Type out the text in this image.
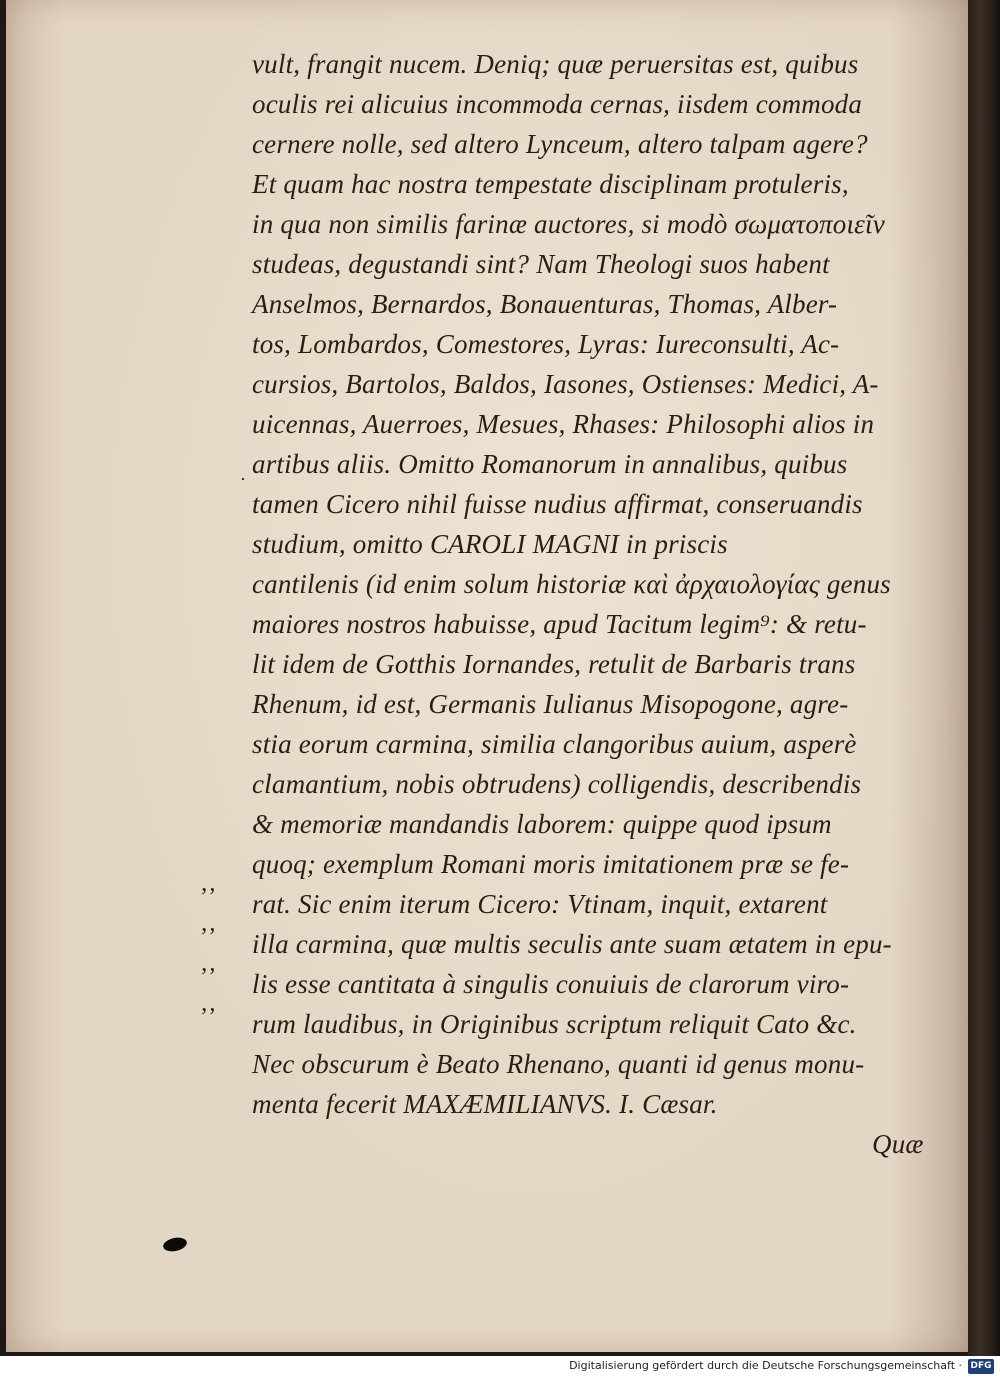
vult, frangit nucem. Deniq; quæ peruersitas est, quibus
oculis rei alicuius incommoda cernas, iisdem commoda
cernere nolle, sed altero Lynceum, altero talpam agere?
Et quam hac nostra tempestate disciplinam protuleris,
in qua non similis farinæ auctores, si modò σωματοποιεῖν
studeas, degustandi sint? Nam Theologi suos habent
Anselmos, Bernardos, Bonauenturas, Thomas, Alber-
tos, Lombardos, Comestores, Lyras: Iureconsulti, Ac-
cursios, Bartolos, Baldos, Iasones, Ostienses: Medici, A-
uicennas, Auerroes, Mesues, Rhases: Philosophi alios in
artibus aliis. Omitto Romanorum in annalibus, quibus
tamen Cicero nihil fuisse nudius affirmat, conseruandis
studium, omitto CAROLI MAGNI in priscis
cantilenis (id enim solum historiæ καὶ ἀρχαιολογίας genus
maiores nostros habuisse, apud Tacitum legim⁹: & retu-
lit idem de Gotthis Iornandes, retulit de Barbaris trans
Rhenum, id est, Germanis Iulianus Misopogone, agre-
stia eorum carmina, similia clangoribus auium, asperè
clamantium, nobis obtrudens) colligendis, describendis
& memoriæ mandandis laborem: quippe quod ipsum
quoq; exemplum Romani moris imitationem præ se fe-
rat. Sic enim iterum Cicero: Vtinam, inquit, extarent
illa carmina, quæ multis seculis ante suam ætatem in epu-
lis esse cantitata à singulis conuiuis de clarorum viro-
rum laudibus, in Originibus scriptum reliquit Cato &c.
Nec obscurum è Beato Rhenano, quanti id genus monu-
menta fecerit MAXÆMILIANVS. I. Cæsar.
Quæ
’’
’’
’’
’’
Digitalisierung gefördert durch die Deutsche Forschungsgemeinschaft · DFG
